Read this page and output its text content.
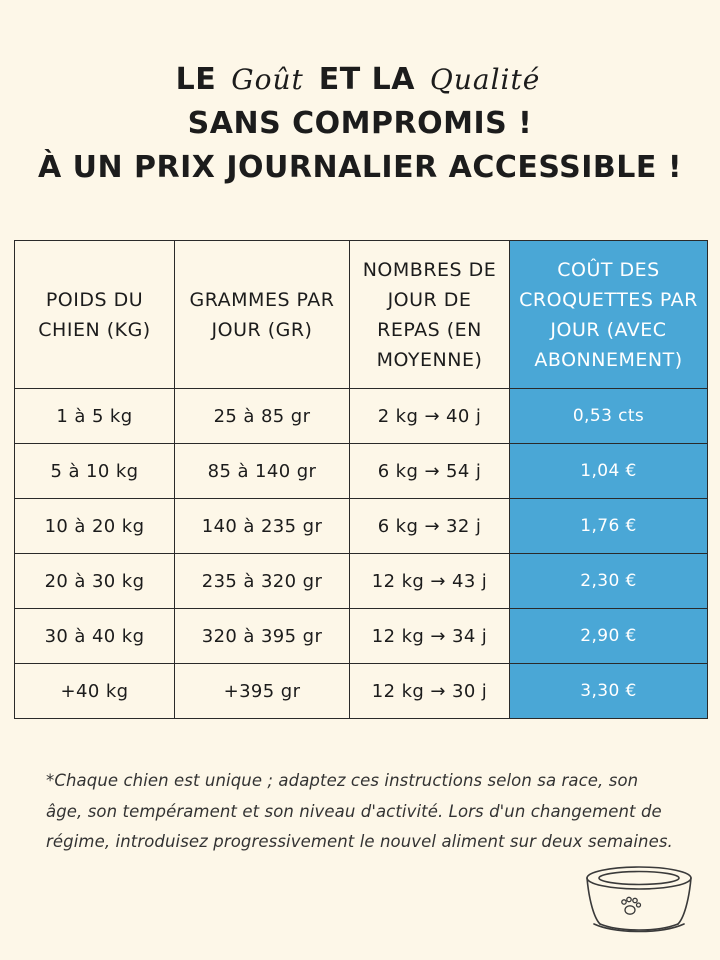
LE Goût ET LA Qualité
SANS COMPROMIS !
À UN PRIX JOURNALIER ACCESSIBLE !
POIDS DU CHIEN (KG)	GRAMMES PAR JOUR (GR)	NOMBRES DE JOUR DE REPAS (EN MOYENNE)	COÛT DES CROQUETTES PAR JOUR (AVEC ABONNEMENT)
1 à 5 kg	25 à 85 gr	2 kg → 40 j	0,53 cts
5 à 10 kg	85 à 140 gr	6 kg → 54 j	1,04 €
10 à 20 kg	140 à 235 gr	6 kg → 32 j	1,76 €
20 à 30 kg	235 à 320 gr	12 kg → 43 j	2,30 €
30 à 40 kg	320 à 395 gr	12 kg → 34 j	2,90 €
+40 kg	+395 gr	12 kg → 30 j	3,30 €
*Chaque chien est unique ; adaptez ces instructions selon sa race, son âge, son tempérament et son niveau d'activité. Lors d'un changement de régime, introduisez progressivement le nouvel aliment sur deux semaines.
